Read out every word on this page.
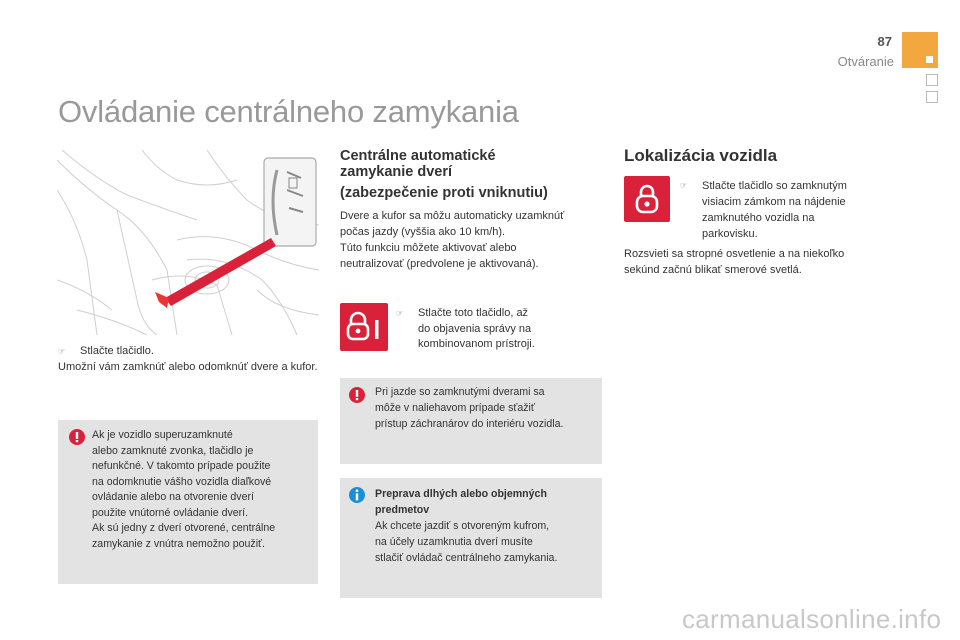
87
Otváranie
Ovládanie centrálneho zamykania
☞ Stlačte tlačidlo.
Umožní vám zamknúť alebo odomknúť dvere a kufor.
Ak je vozidlo superuzamknuté
alebo zamknuté zvonka, tlačidlo je
nefunkčné. V takomto prípade použite
na odomknutie vášho vozidla diaľkové
ovládanie alebo na otvorenie dverí
použite vnútorné ovládanie dverí.
Ak sú jedny z dverí otvorené, centrálne
zamykanie z vnútra nemožno použiť.
Centrálne automatické
zamykanie dverí
(zabezpečenie proti vniknutiu)
Dvere a kufor sa môžu automaticky uzamknúť
počas jazdy (vyššia ako 10 km/h).
Túto funkciu môžete aktivovať alebo
neutralizovať (predvolene je aktivovaná).
☞ Stlačte toto tlačidlo, až
do objavenia správy na
kombinovanom prístroji.
Pri jazde so zamknutými dverami sa
môže v naliehavom prípade sťažiť
prístup záchranárov do interiéru vozidla.
Preprava dlhých alebo objemných
predmetov
Ak chcete jazdiť s otvoreným kufrom,
na účely uzamknutia dverí musíte
stlačiť ovládač centrálneho zamykania.
Lokalizácia vozidla
☞ Stlačte tlačidlo so zamknutým
visiacim zámkom na nájdenie
zamknutého vozidla na
parkovisku.
Rozsvieti sa stropné osvetlenie a na niekoľko
sekúnd začnú blikať smerové svetlá.
carmanualsonline.info
